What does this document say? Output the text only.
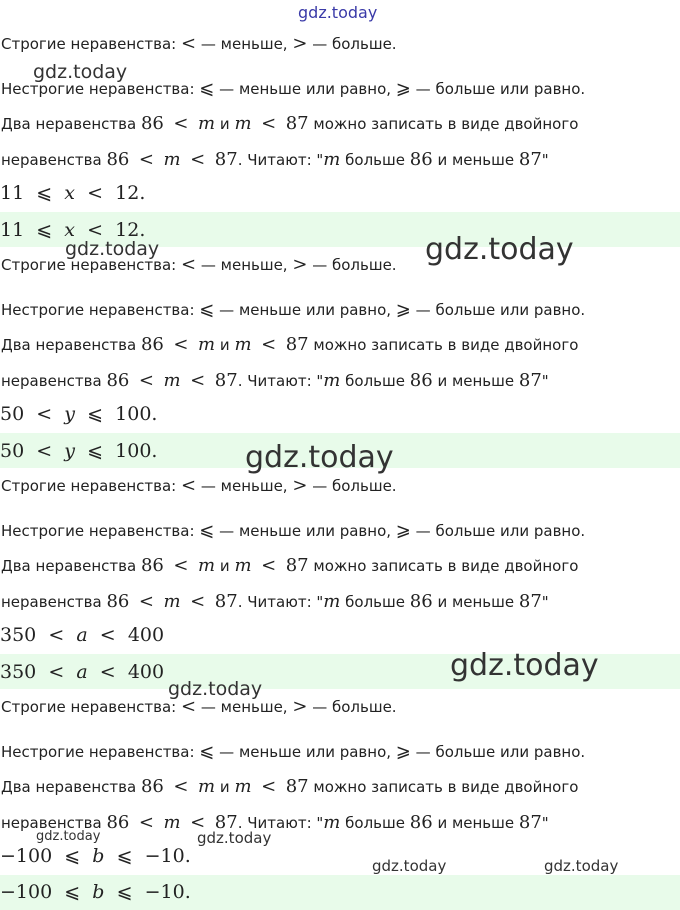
Строгие неравенства: < — меньше, > — больше.
Нестрогие неравенства: ⩽ — меньше или равно, ⩾ — больше или равно.
Два неравенства 86 < m и m < 87 можно записать в виде двойного
неравенства 86 < m < 87. Читают: "m больше 86 и меньше 87"
11 ⩽ x < 12.
11 ⩽ x < 12.
Строгие неравенства: < — меньше, > — больше.
Нестрогие неравенства: ⩽ — меньше или равно, ⩾ — больше или равно.
Два неравенства 86 < m и m < 87 можно записать в виде двойного
неравенства 86 < m < 87. Читают: "m больше 86 и меньше 87"
50 < y ⩽ 100.
50 < y ⩽ 100.
Строгие неравенства: < — меньше, > — больше.
Нестрогие неравенства: ⩽ — меньше или равно, ⩾ — больше или равно.
Два неравенства 86 < m и m < 87 можно записать в виде двойного
неравенства 86 < m < 87. Читают: "m больше 86 и меньше 87"
350 < a < 400
350 < a < 400
Строгие неравенства: < — меньше, > — больше.
Нестрогие неравенства: ⩽ — меньше или равно, ⩾ — больше или равно.
Два неравенства 86 < m и m < 87 можно записать в виде двойного
неравенства 86 < m < 87. Читают: "m больше 86 и меньше 87"
−100 ⩽ b ⩽ −10.
−100 ⩽ b ⩽ −10.
gdz.today
gdz.today
gdz.today	gdz.today
gdz.today
gdz.today
gdz.today
gdz.today	gdz.today
gdz.today	gdz.today
